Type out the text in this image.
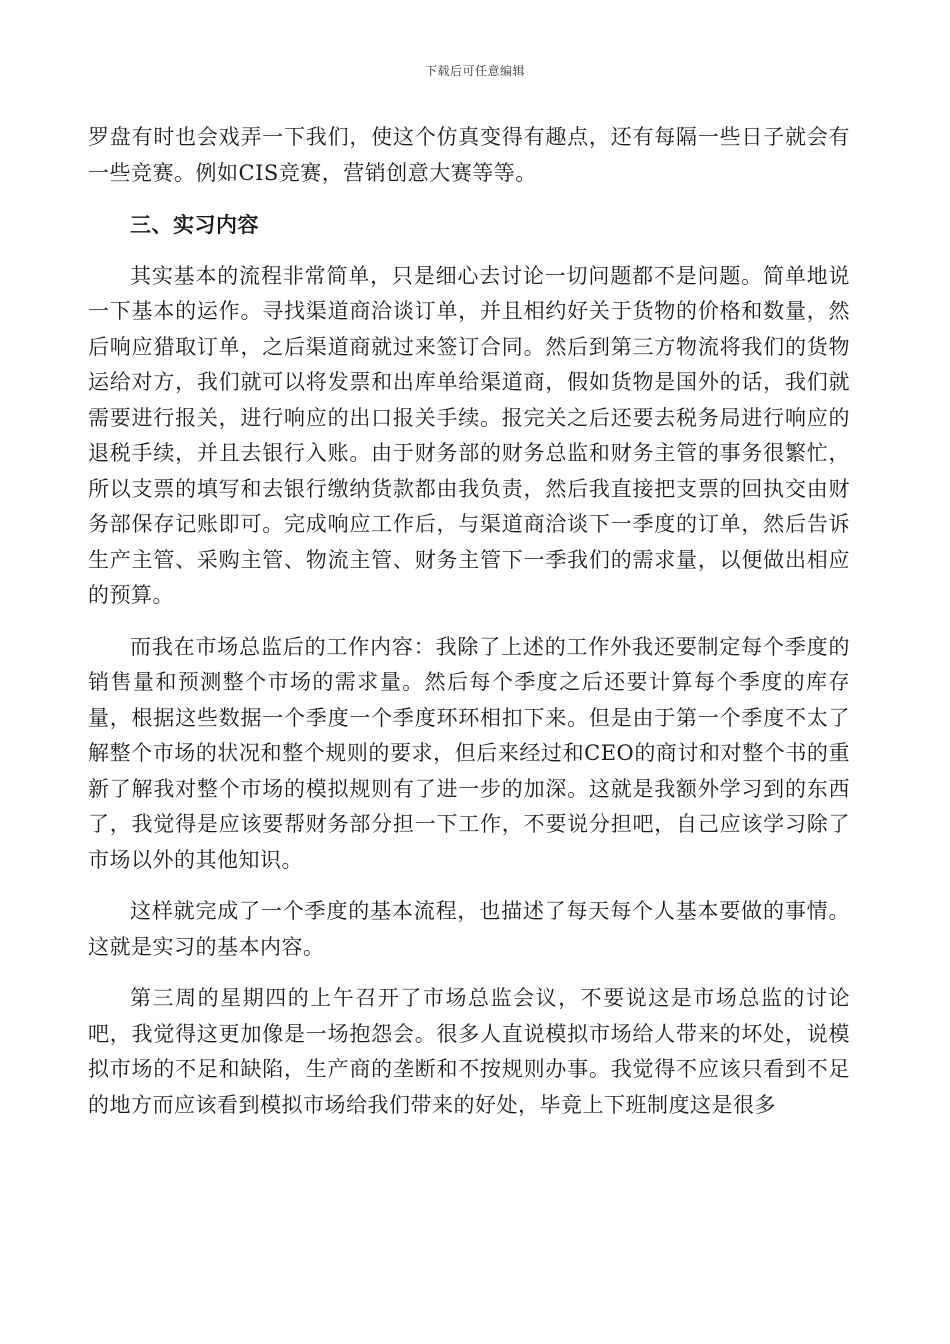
下载后可任意编辑

罗盘有时也会戏弄一下我们，使这个仿真变得有趣点，还有每隔一些日子就会有一些竞赛。例如CIS竞赛，营销创意大赛等等。

三、实习内容

其实基本的流程非常简单，只是细心去讨论一切问题都不是问题。简单地说一下基本的运作。寻找渠道商洽谈订单，并且相约好关于货物的价格和数量，然后响应猎取订单，之后渠道商就过来签订合同。然后到第三方物流将我们的货物运给对方，我们就可以将发票和出库单给渠道商，假如货物是国外的话，我们就需要进行报关，进行响应的出口报关手续。报完关之后还要去税务局进行响应的退税手续，并且去银行入账。由于财务部的财务总监和财务主管的事务很繁忙，所以支票的填写和去银行缴纳货款都由我负责，然后我直接把支票的回执交由财务部保存记账即可。完成响应工作后，与渠道商洽谈下一季度的订单，然后告诉生产主管、采购主管、物流主管、财务主管下一季我们的需求量，以便做出相应的预算。

而我在市场总监后的工作内容：我除了上述的工作外我还要制定每个季度的销售量和预测整个市场的需求量。然后每个季度之后还要计算每个季度的库存量，根据这些数据一个季度一个季度环环相扣下来。但是由于第一个季度不太了解整个市场的状况和整个规则的要求，但后来经过和CEO的商讨和对整个书的重新了解我对整个市场的模拟规则有了进一步的加深。这就是我额外学习到的东西了，我觉得是应该要帮财务部分担一下工作，不要说分担吧，自己应该学习除了市场以外的其他知识。

这样就完成了一个季度的基本流程，也描述了每天每个人基本要做的事情。这就是实习的基本内容。

第三周的星期四的上午召开了市场总监会议，不要说这是市场总监的讨论吧，我觉得这更加像是一场抱怨会。很多人直说模拟市场给人带来的坏处，说模拟市场的不足和缺陷，生产商的垄断和不按规则办事。我觉得不应该只看到不足的地方而应该看到模拟市场给我们带来的好处，毕竟上下班制度这是很多
